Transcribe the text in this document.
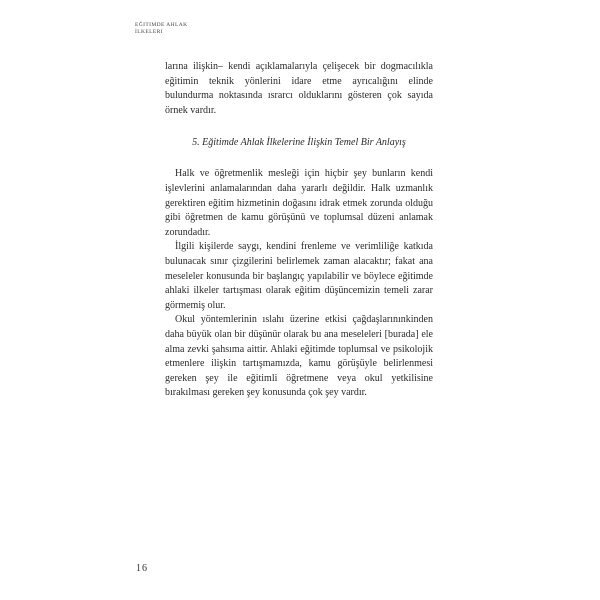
EĞITIMDE AHLAK
İLKELERI

larına ilişkin– kendi açıklamalarıyla çelişecek bir dogmacılıkla eğitimin teknik yönlerini idare etme ayrıcalığını elinde bulundurma noktasında ısrarcı olduklarını gösteren çok sayıda örnek vardır.

5. Eğitimde Ahlak İlkelerine İlişkin Temel Bir Anlayış

Halk ve öğretmenlik mesleği için hiçbir şey bunların kendi işlevlerini anlamalarından daha yararlı değildir. Halk uzmanlık gerektiren eğitim hizmetinin doğasını idrak etmek zorunda olduğu gibi öğretmen de kamu görüşünü ve toplumsal düzeni anlamak zorundadır.

İlgili kişilerde saygı, kendini frenleme ve verimliliğe katkıda bulunacak sınır çizgilerini belirlemek zaman alacaktır; fakat ana meseleler konusunda bir başlangıç yapılabilir ve böylece eğitimde ahlaki ilkeler tartışması olarak eğitim düşüncemizin temeli zarar görmemiş olur.

Okul yöntemlerinin ıslahı üzerine etkisi çağdaşlarınınkinden daha büyük olan bir düşünür olarak bu ana meseleleri [burada] ele alma zevki şahsıma aittir. Ahlaki eğitimde toplumsal ve psikolojik etmenlere ilişkin tartışmamızda, kamu görüşüyle belirlenmesi gereken şey ile eğitimli öğretmene veya okul yetkilisine bırakılması gereken şey konusunda çok şey vardır.

16
